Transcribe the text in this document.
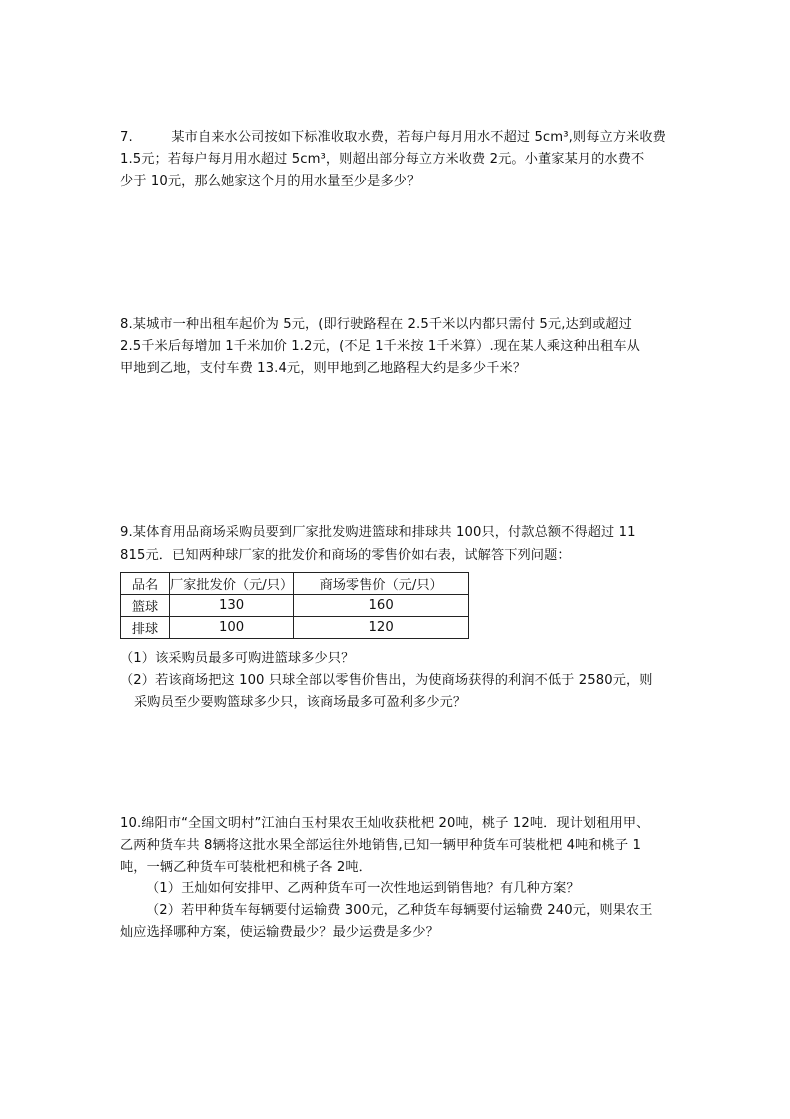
7.	某市自来水公司按如下标准收取水费，若每户每月用水不超过 5cm³,则每立方米收费
1.5元；若每户每月用水超过 5cm³，则超出部分每立方米收费 2元。小董家某月的水费不
少于 10元，那么她家这个月的用水量至少是多少？
8.某城市一种出租车起价为 5元，(即行驶路程在 2.5千米以内都只需付 5元,达到或超过
2.5千米后每增加 1千米加价 1.2元，(不足 1千米按 1千米算）.现在某人乘这种出租车从
甲地到乙地，支付车费 13.4元，则甲地到乙地路程大约是多少千米？
9.某体育用品商场采购员要到厂家批发购进篮球和排球共 100只，付款总额不得超过 11
815元．已知两种球厂家的批发价和商场的零售价如右表，试解答下列问题：
品名	厂家批发价（元/只）	商场零售价（元/只）
篮球	130	160
排球	100	120
（1）该采购员最多可购进篮球多少只？
（2）若该商场把这 100 只球全部以零售价售出，为使商场获得的利润不低于 2580元，则
采购员至少要购篮球多少只，该商场最多可盈利多少元？
10.绵阳市“全国文明村”江油白玉村果农王灿收获枇杷 20吨，桃子 12吨．现计划租用甲、
乙两种货车共 8辆将这批水果全部运往外地销售,已知一辆甲种货车可装枇杷 4吨和桃子 1
吨，一辆乙种货车可装枇杷和桃子各 2吨．
（1）王灿如何安排甲、乙两种货车可一次性地运到销售地？有几种方案？
（2）若甲种货车每辆要付运输费 300元，乙种货车每辆要付运输费 240元，则果农王
灿应选择哪种方案，使运输费最少？最少运费是多少？
